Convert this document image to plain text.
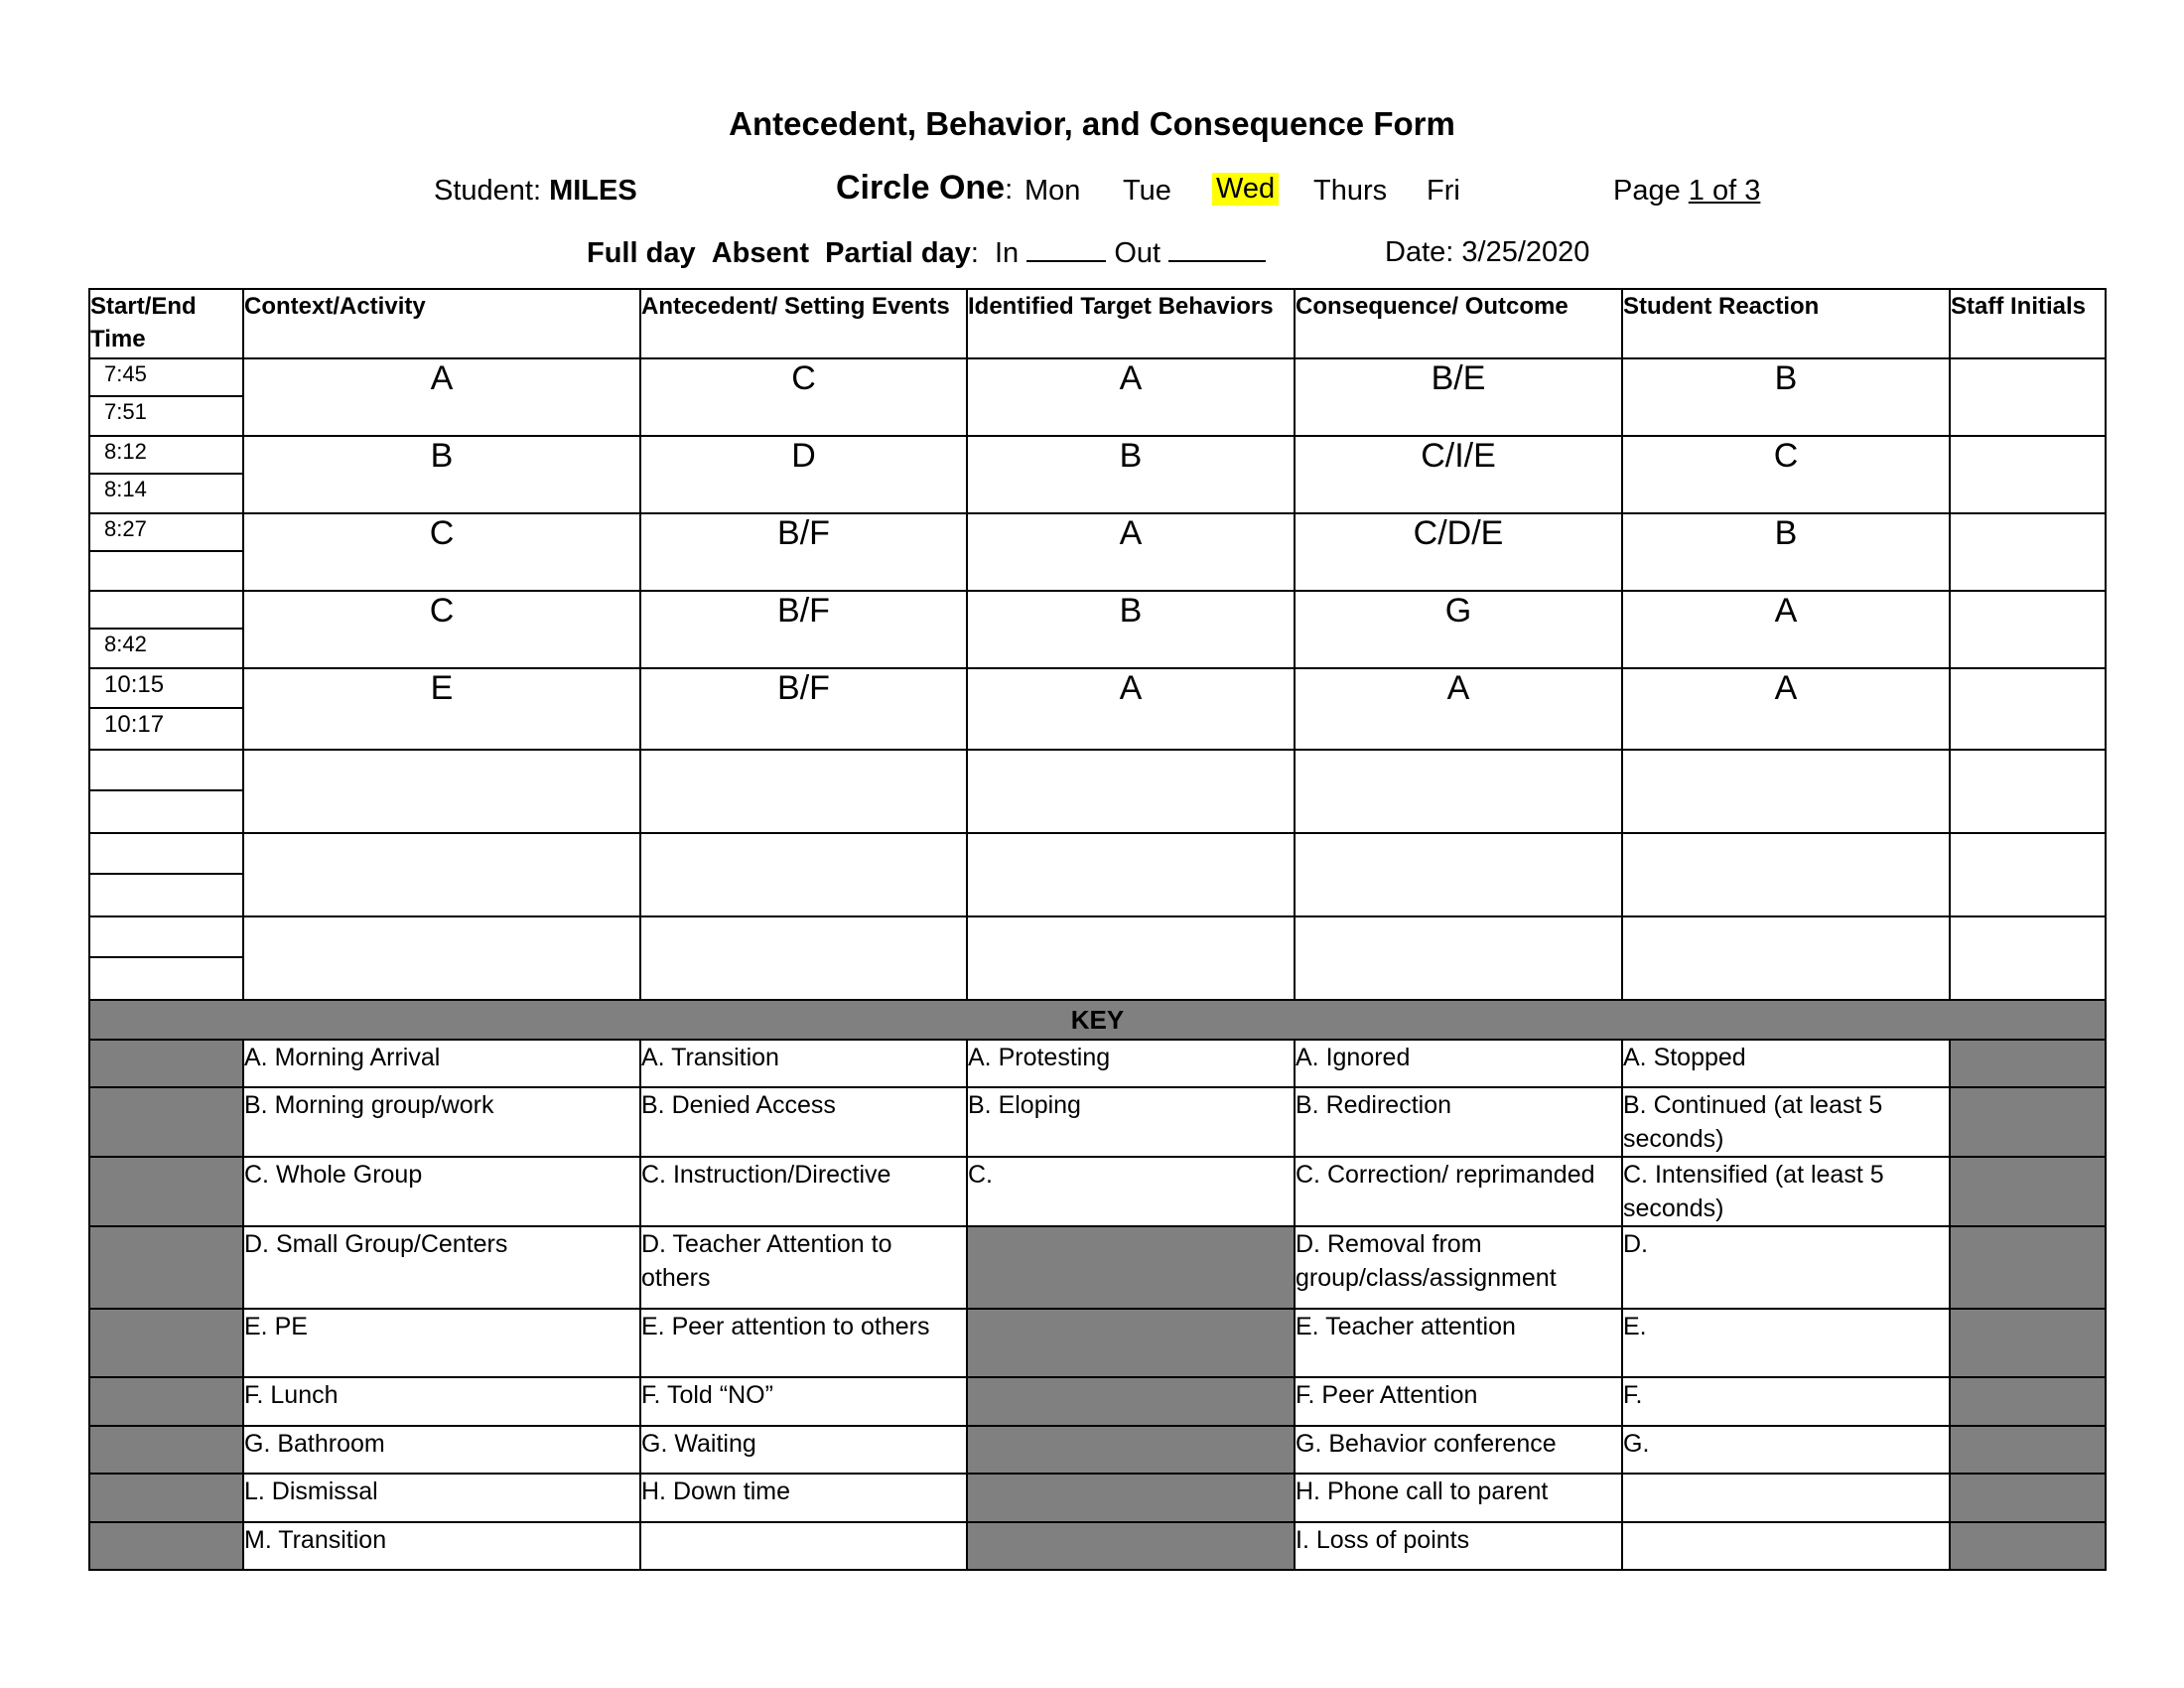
Antecedent, Behavior, and Consequence Form
Student: MILES	Circle One: Mon Tue Wed Thurs Fri	Page 1 of 3
Full day Absent Partial day: In	Out	Date: 3/25/2020
Start/End Time	Context/Activity	Antecedent/ Setting Events	Identified Target Behaviors	Consequence/ Outcome	Student Reaction	Staff Initials

7:45
7:51	A	C	A	B/E	B	

8:12
8:14	B	D	B	C/I/E	C	

8:27	C	B/F	A	C/D/E	B	

8:42	C	B/F	B	G	A	

10:15
10:17	E	B/F	A	A	A	

KEY						
	A. Morning Arrival	A. Transition	A. Protesting	A. Ignored	A. Stopped	
	B. Morning group/work	B. Denied Access	B. Eloping	B. Redirection	B. Continued (at least 5 seconds)	
	C. Whole Group	C. Instruction/Directive	C.	C. Correction/ reprimanded	C. Intensified (at least 5 seconds)	
	D. Small Group/Centers	D. Teacher Attention to others		D. Removal from group/class/assignment	D.	
	E. PE	E. Peer attention to others		E. Teacher attention	E.	
	F. Lunch	F. Told “NO”		F. Peer Attention	F.	
	G. Bathroom	G. Waiting		G. Behavior conference	G.	
	L. Dismissal	H. Down time		H. Phone call to parent		
	M. Transition			I. Loss of points		
